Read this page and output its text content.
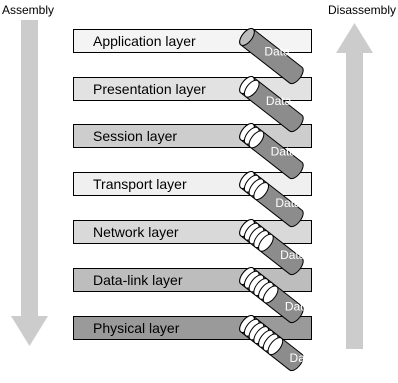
Assembly	Disassembly
Application layer
Presentation layer
Session layer
Transport layer
Network layer
Data-link layer
Physical layer
Data
Data
Data
Data
Data
Data
Data
